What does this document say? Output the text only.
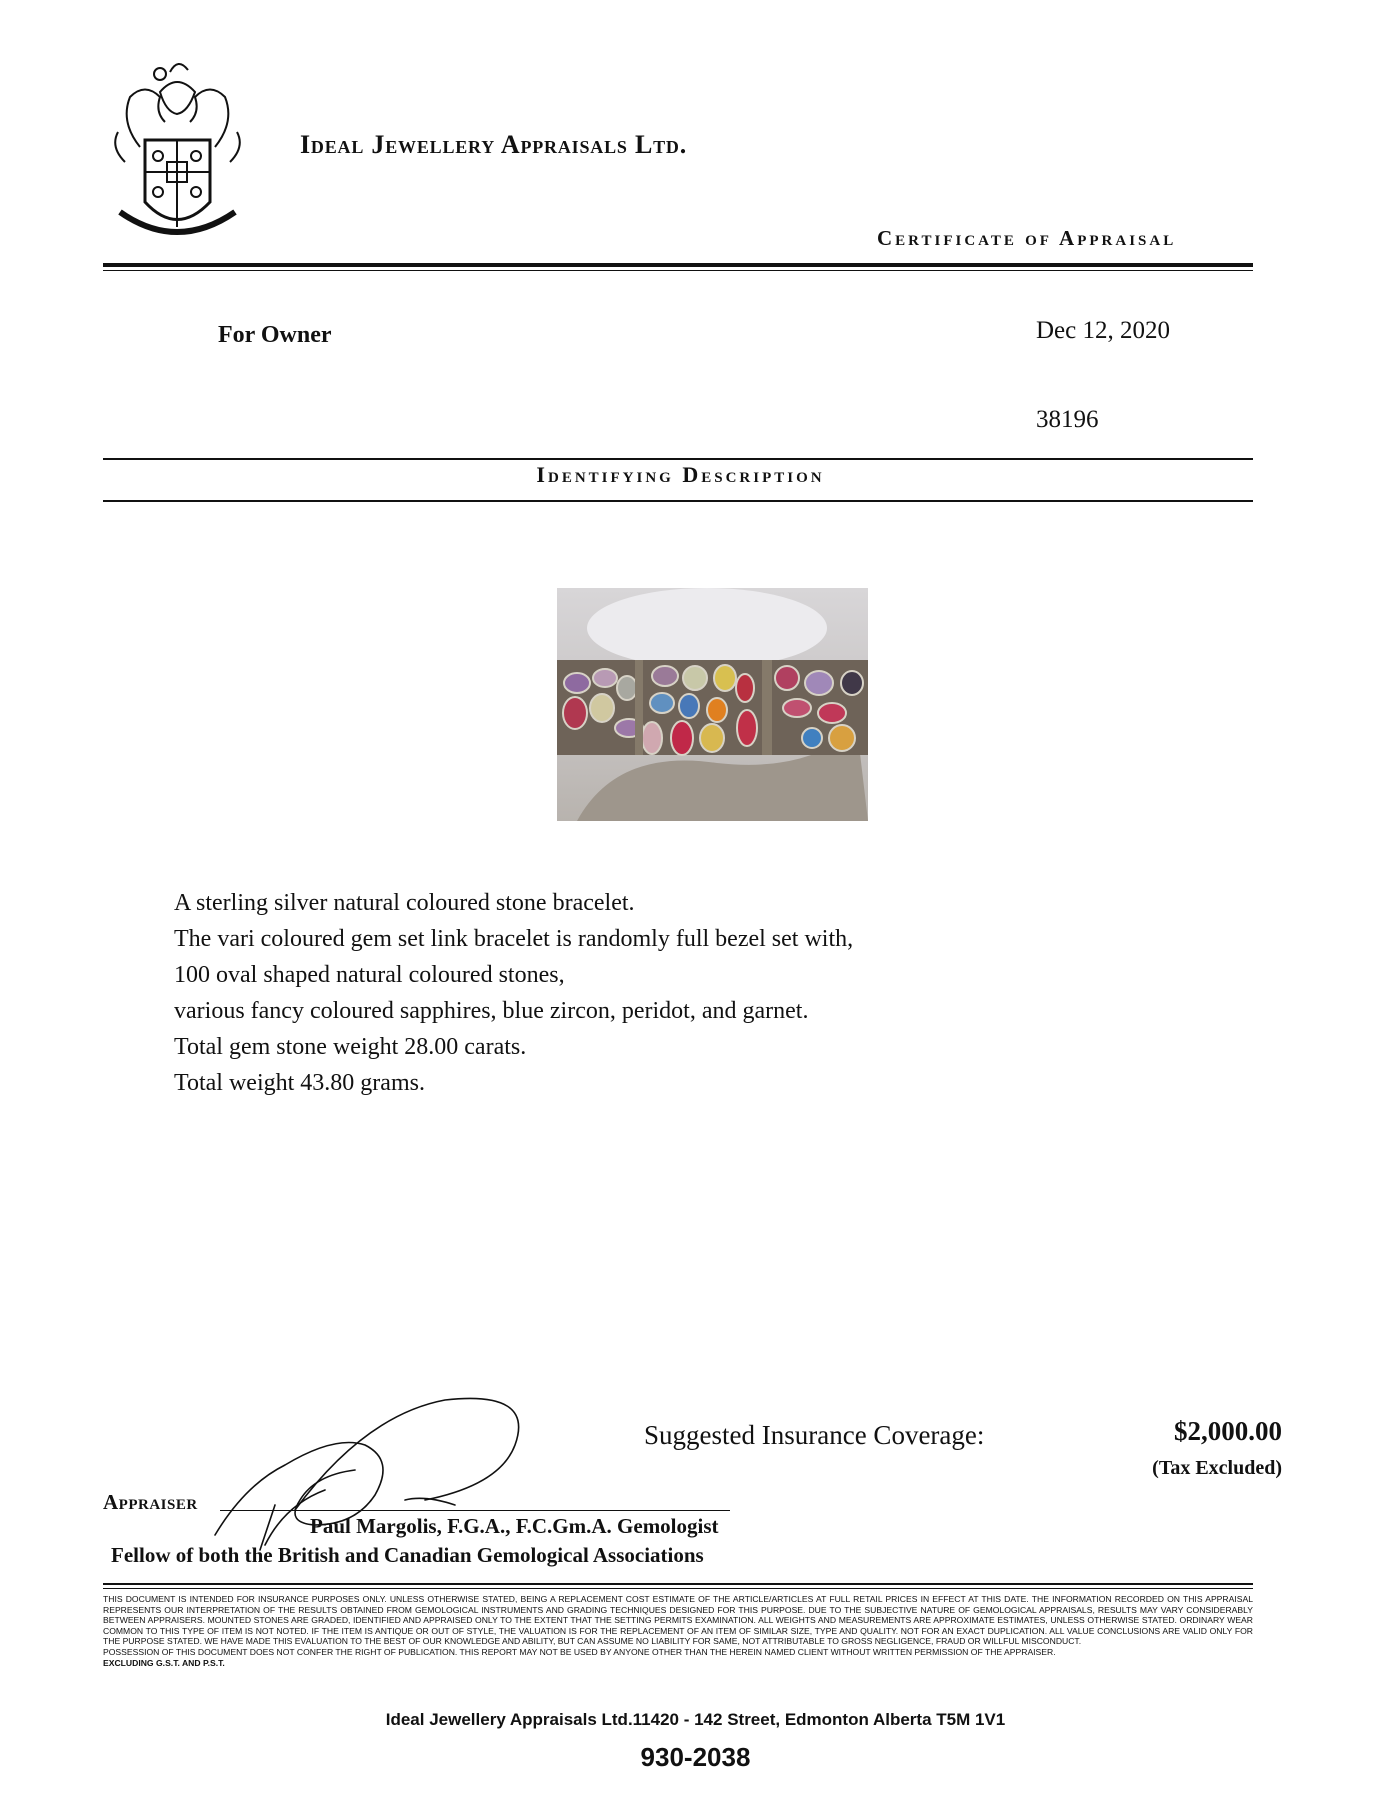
Ideal Jewellery Appraisals Ltd.
Certificate of Appraisal
For Owner	Dec 12, 2020
38196
Identifying Description
A sterling silver natural coloured stone bracelet.
The vari coloured gem set link bracelet is randomly full bezel set with,
100 oval shaped natural coloured stones,
various fancy coloured sapphires, blue zircon, peridot, and garnet.
Total gem stone weight 28.00 carats.
Total weight 43.80 grams.
Suggested Insurance Coverage:	$2,000.00
(Tax Excluded)
Appraiser
Paul Margolis, F.G.A., F.C.Gm.A. Gemologist
Fellow of both the British and Canadian Gemological Associations

THIS DOCUMENT IS INTENDED FOR INSURANCE PURPOSES ONLY. UNLESS OTHERWISE STATED, BEING A REPLACEMENT COST ESTIMATE OF THE ARTICLE/ARTICLES AT FULL RETAIL PRICES IN EFFECT AT THIS DATE. THE INFORMATION RECORDED ON THIS APPRAISAL REPRESENTS OUR INTERPRETATION OF THE RESULTS OBTAINED FROM GEMOLOGICAL INSTRUMENTS AND GRADING TECHNIQUES DESIGNED FOR THIS PURPOSE. DUE TO THE SUBJECTIVE NATURE OF GEMOLOGICAL APPRAISALS, RESULTS MAY VARY CONSIDERABLY BETWEEN APPRAISERS. MOUNTED STONES ARE GRADED, IDENTIFIED AND APPRAISED ONLY TO THE EXTENT THAT THE SETTING PERMITS EXAMINATION. ALL WEIGHTS AND MEASUREMENTS ARE APPROXIMATE ESTIMATES, UNLESS OTHERWISE STATED. ORDINARY WEAR COMMON TO THIS TYPE OF ITEM IS NOT NOTED. IF THE ITEM IS ANTIQUE OR OUT OF STYLE, THE VALUATION IS FOR THE REPLACEMENT OF AN ITEM OF SIMILAR SIZE, TYPE AND QUALITY. NOT FOR AN EXACT DUPLICATION. ALL VALUE CONCLUSIONS ARE VALID ONLY FOR THE PURPOSE STATED. WE HAVE MADE THIS EVALUATION TO THE BEST OF OUR KNOWLEDGE AND ABILITY, BUT CAN ASSUME NO LIABILITY FOR SAME, NOT ATTRIBUTABLE TO GROSS NEGLIGENCE, FRAUD OR WILLFUL MISCONDUCT.

POSSESSION OF THIS DOCUMENT DOES NOT CONFER THE RIGHT OF PUBLICATION. THIS REPORT MAY NOT BE USED BY ANYONE OTHER THAN THE HEREIN NAMED CLIENT WITHOUT WRITTEN PERMISSION OF THE APPRAISER.

EXCLUDING G.S.T. AND P.S.T.

Ideal Jewellery Appraisals Ltd.11420 - 142 Street, Edmonton Alberta T5M 1V1
930-2038
